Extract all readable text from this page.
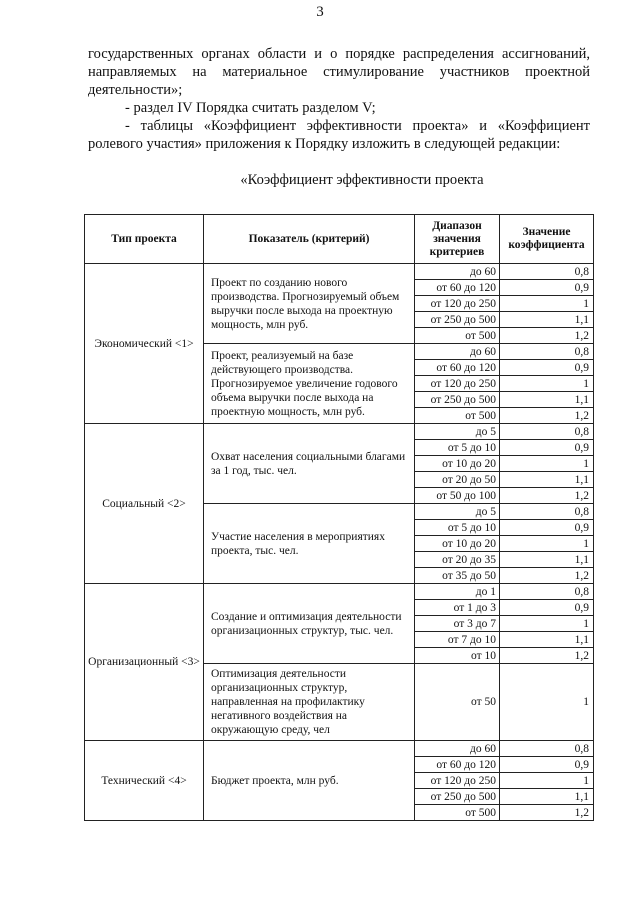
3
государственных органах области и о порядке распределения ассигнований,
направляемых на материальное стимулирование участников проектной
деятельности»;
- раздел IV Порядка считать разделом V;
- таблицы «Коэффициент эффективности проекта» и «Коэффициент
ролевого участия» приложения к Порядку изложить в следующей редакции:
«Коэффициент эффективности проекта
Тип проекта	Показатель (критерий)	Диапазон значения критериев	Значение коэффициента
Экономический <1>	Проект по созданию нового производства. Прогнозируемый объем выручки после выхода на проектную мощность, млн руб.	до 60	0,8
		от 60 до 120	0,9
		от 120 до 250	1
		от 250 до 500	1,1
		от 500	1,2
	Проект, реализуемый на базе действующего производства. Прогнозируемое увеличение годового объема выручки после выхода на проектную мощность, млн руб.	до 60	0,8
		от 60 до 120	0,9
		от 120 до 250	1
		от 250 до 500	1,1
		от 500	1,2
Социальный <2>	Охват населения социальными благами за 1 год, тыс. чел.	до 5	0,8
		от 5 до 10	0,9
		от 10 до 20	1
		от 20 до 50	1,1
		от 50 до 100	1,2
	Участие населения в мероприятиях проекта, тыс. чел.	до 5	0,8
		от 5 до 10	0,9
		от 10 до 20	1
		от 20 до 35	1,1
		от 35 до 50	1,2
Организационный <3>	Создание и оптимизация деятельности организационных структур, тыс. чел.	до 1	0,8
		от 1 до 3	0,9
		от 3 до 7	1
		от 7 до 10	1,1
		от 10	1,2
	Оптимизация деятельности организационных структур, направленная на профилактику негативного воздействия на окружающую среду, чел	от 50	1
Технический <4>	Бюджет проекта, млн руб.	до 60	0,8
		от 60 до 120	0,9
		от 120 до 250	1
		от 250 до 500	1,1
		от 500	1,2
